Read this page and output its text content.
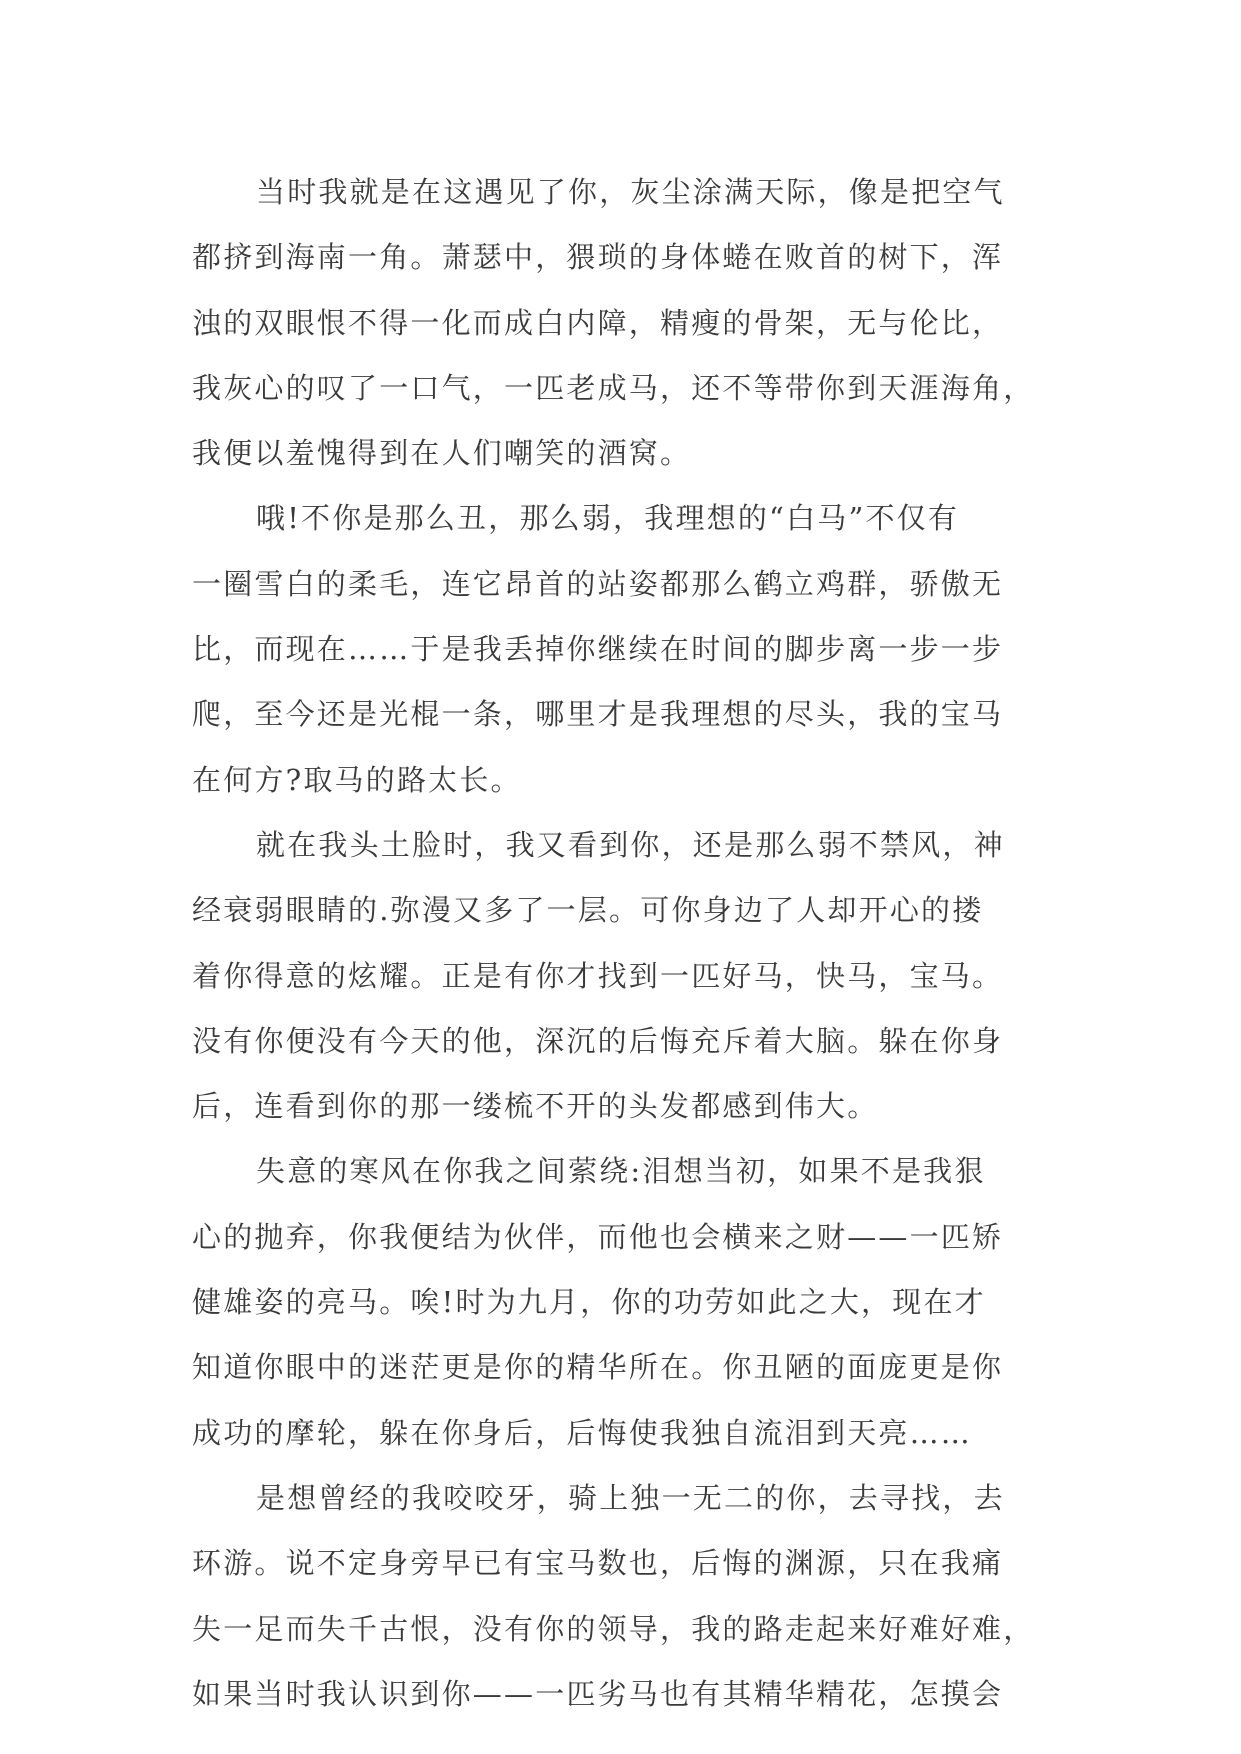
当时我就是在这遇见了你，灰尘涂满天际，像是把空气
都挤到海南一角。萧瑟中，猥琐的身体蜷在败首的树下，浑
浊的双眼恨不得一化而成白内障，精瘦的骨架，无与伦比，
我灰心的叹了一口气，一匹老成马，还不等带你到天涯海角，
我便以羞愧得到在人们嘲笑的酒窝。
哦!不你是那么丑，那么弱，我理想的“白马”不仅有
一圈雪白的柔毛，连它昂首的站姿都那么鹤立鸡群，骄傲无
比，而现在……于是我丢掉你继续在时间的脚步离一步一步
爬，至今还是光棍一条，哪里才是我理想的尽头，我的宝马
在何方?取马的路太长。
就在我头土脸时，我又看到你，还是那么弱不禁风，神
经衰弱眼睛的.弥漫又多了一层。可你身边了人却开心的搂
着你得意的炫耀。正是有你才找到一匹好马，快马，宝马。
没有你便没有今天的他，深沉的后悔充斥着大脑。躲在你身
后，连看到你的那一缕梳不开的头发都感到伟大。
失意的寒风在你我之间萦绕:泪想当初，如果不是我狠
心的抛弃，你我便结为伙伴，而他也会横来之财——一匹矫
健雄姿的亮马。唉!时为九月，你的功劳如此之大，现在才
知道你眼中的迷茫更是你的精华所在。你丑陋的面庞更是你
成功的摩轮，躲在你身后，后悔使我独自流泪到天亮……
是想曾经的我咬咬牙，骑上独一无二的你，去寻找，去
环游。说不定身旁早已有宝马数也，后悔的渊源，只在我痛
失一足而失千古恨，没有你的领导，我的路走起来好难好难，
如果当时我认识到你——一匹劣马也有其精华精花，怎摸会
